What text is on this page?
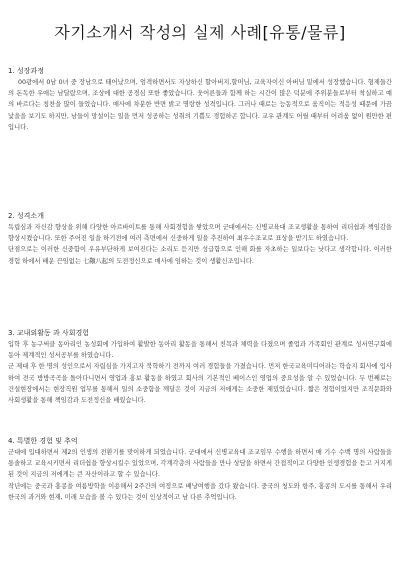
자기소개서 작성의 실제 사례[유통/물류]
1. 성장과정

00광에서 0남 0녀 중 장남으로 태어났으며, 엄격하면서도 자상하신 할아버지,할머님, 교육자이신 아버님 밑에서 성장했습니다. 형제들간의 돈독한 우애는 남달랐으며, 조상에 대한 공경심 또한 좋았습니다. 웃어른들과 함께 하는 시간이 많은 덕분에 주위분들로부터 착실하고 예의 바르다는 칭찬을 많이 들었습니다. 매사에 차분한 반면 밝고 명랑한 성격입니다. 그러나 때로는 능동적으로 움직이는 적응성 때문에 가끔 낯을을 보기도 하지만, 남들이 망설이는 일을 먼저 성공하는 성취의 기쁨도 경험하곤 합니다. 교우 관계도 어릴 때부터 어려움 없이 원만한 편입니다.

2. 성격소개

독립심과 자신감 향상을 위해 다양한 아르바이트를 통해 사회경험을 쌓았으며 군대에서는 신병교육대 조교생활을 통하여 리더쉽과 책임감을 향상시켰습니다. 또한 주어진 일을 하기전에 여러 측면에서 신중하게 일을 추진하여 최우수조교로 표상을 받기도 하였습니다.

단점으로는 이러한 신중함이 우유부단하게 보여진다는 소리도 듣지만 성급함으로 인해 화를 자초하는 일보다는 낫다고 생각합니다. 이러한 경험 하에서 배운 끈임없는 七顚八起의 도전정신으로 매사에 임하는 것이 생활신조입니다.

3. 교내외활동 과 사회경험

입학 후 농구써클 동아리인 농성회에 가입하여 활발한 동아리 활동을 통해서 친목과 체력을 다졌으며 졸업과 가족회인 관계로 성서연구회에 동아 제계적인 성서공부를 하였습니다.

군 제대 후 한 명의 성인으로서 자립심을 가지고자 북학하기 전까지 여러 경험들을 가졌습니다. 먼저 한국교육미디어라는 학습지 회사에 입사하여 전국 방방곡곡을 돌아다니면서 영업과 홍보 활동을 하였고 회사의 기본적인 베이스인 영업의 중요성을 알 수 있었습니다. 두 번째로는 건설현장에서는 현장직원 업무를 통해서 일의 소중함을 깨달은 것이 지금의 저에게는 소중한 재밌었습니다. 짧은 경험이었지만 조직문화와 사회생활을 통해 책임감과 도전정신을 배웠습니다.

4. 특별한 경험 및 추억

군대에 입대하면서 제2의 인생의 전환기를 맞이하게 되었습니다. 군대에서 신병교육대 조교임무 수행을 하면서 매 기수 수백 명의 사람들을 통솔하고 교육시키면서 리더쉽을 향상시킬수 있었으며, 각계각층의 사람들을 만나 상담을 하면서 간접적이고 다양한 인생경험을 듣고 거지게 된 것이 지금의 저에게는 큰 자산이라고 할 수 있습니다.

작년에는 중국과 홍콩을 여름방학을 이용해서 2주간의 여정으로 배낭여행을 갔다 왔습니다. 중국의 청도와 항주, 홍콩의 도시를 통해서 우리 한국의 과거와 현재, 미래 모습을 볼 수 있다는 것이 인상적이고 남 다른 추억입니다.
